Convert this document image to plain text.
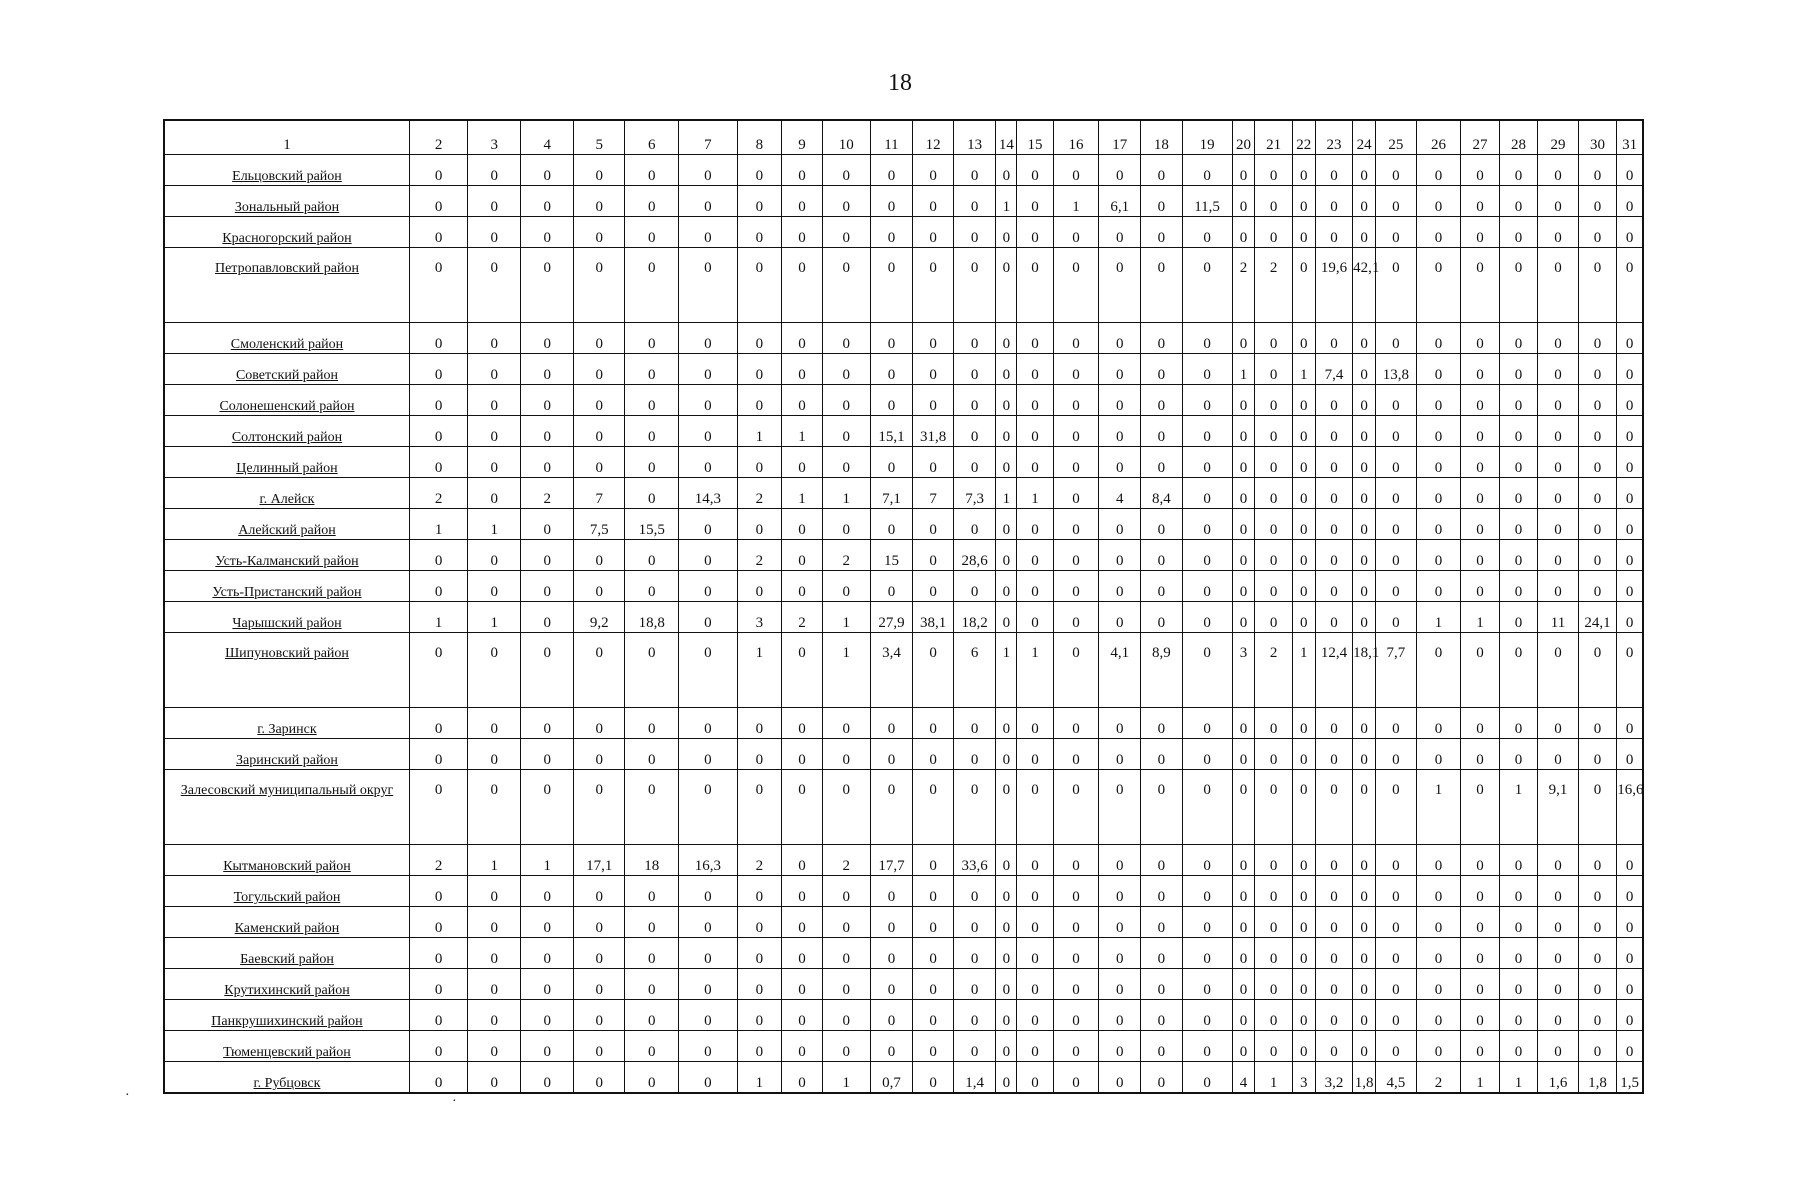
18
1	2	3	4	5	6	7	8	9	10	11	12	13	14	15	16	17	18	19	20	21	22	23	24	25	26	27	28	29	30	31
Ельцовский район	0	0	0	0	0	0	0	0	0	0	0	0	0	0	0	0	0	0	0	0	0	0	0	0	0	0	0	0	0	0
Зональный район	0	0	0	0	0	0	0	0	0	0	0	0	1	0	1	6,1	0	11,5	0	0	0	0	0	0	0	0	0	0	0	0
Красногорский район	0	0	0	0	0	0	0	0	0	0	0	0	0	0	0	0	0	0	0	0	0	0	0	0	0	0	0	0	0	0
Петропавловский район	0	0	0	0	0	0	0	0	0	0	0	0	0	0	0	0	0	0	2	2	0	19,6	42,1	0	0	0	0	0	0	0
Смоленский район	0	0	0	0	0	0	0	0	0	0	0	0	0	0	0	0	0	0	0	0	0	0	0	0	0	0	0	0	0	0
Советский район	0	0	0	0	0	0	0	0	0	0	0	0	0	0	0	0	0	0	1	0	1	7,4	0	13,8	0	0	0	0	0	0
Солонешенский район	0	0	0	0	0	0	0	0	0	0	0	0	0	0	0	0	0	0	0	0	0	0	0	0	0	0	0	0	0	0
Солтонский район	0	0	0	0	0	0	1	1	0	15,1	31,8	0	0	0	0	0	0	0	0	0	0	0	0	0	0	0	0	0	0	0
Целинный район	0	0	0	0	0	0	0	0	0	0	0	0	0	0	0	0	0	0	0	0	0	0	0	0	0	0	0	0	0	0
г. Алейск	2	0	2	7	0	14,3	2	1	1	7,1	7	7,3	1	1	0	4	8,4	0	0	0	0	0	0	0	0	0	0	0	0	0
Алейский район	1	1	0	7,5	15,5	0	0	0	0	0	0	0	0	0	0	0	0	0	0	0	0	0	0	0	0	0	0	0	0	0
Усть-Калманский район	0	0	0	0	0	0	2	0	2	15	0	28,6	0	0	0	0	0	0	0	0	0	0	0	0	0	0	0	0	0	0
Усть-Пристанский район	0	0	0	0	0	0	0	0	0	0	0	0	0	0	0	0	0	0	0	0	0	0	0	0	0	0	0	0	0	0
Чарышский район	1	1	0	9,2	18,8	0	3	2	1	27,9	38,1	18,2	0	0	0	0	0	0	0	0	0	0	0	0	1	1	0	11	24,1	0
Шипуновский район	0	0	0	0	0	0	1	0	1	3,4	0	6	1	1	0	4,1	8,9	0	3	2	1	12,4	18,1	7,7	0	0	0	0	0	0
г. Заринск	0	0	0	0	0	0	0	0	0	0	0	0	0	0	0	0	0	0	0	0	0	0	0	0	0	0	0	0	0	0
Заринский район	0	0	0	0	0	0	0	0	0	0	0	0	0	0	0	0	0	0	0	0	0	0	0	0	0	0	0	0	0	0
Залесовский муниципальный округ	0	0	0	0	0	0	0	0	0	0	0	0	0	0	0	0	0	0	0	0	0	0	0	0	1	0	1	9,1	0	16,6
Кытмановский район	2	1	1	17,1	18	16,3	2	0	2	17,7	0	33,6	0	0	0	0	0	0	0	0	0	0	0	0	0	0	0	0	0	0
Тогульский район	0	0	0	0	0	0	0	0	0	0	0	0	0	0	0	0	0	0	0	0	0	0	0	0	0	0	0	0	0	0
Каменский район	0	0	0	0	0	0	0	0	0	0	0	0	0	0	0	0	0	0	0	0	0	0	0	0	0	0	0	0	0	0
Баевский район	0	0	0	0	0	0	0	0	0	0	0	0	0	0	0	0	0	0	0	0	0	0	0	0	0	0	0	0	0	0
Крутихинский район	0	0	0	0	0	0	0	0	0	0	0	0	0	0	0	0	0	0	0	0	0	0	0	0	0	0	0	0	0	0
Панкрушихинский район	0	0	0	0	0	0	0	0	0	0	0	0	0	0	0	0	0	0	0	0	0	0	0	0	0	0	0	0	0	0
Тюменцевский район	0	0	0	0	0	0	0	0	0	0	0	0	0	0	0	0	0	0	0	0	0	0	0	0	0	0	0	0	0	0
г. Рубцовск	0	0	0	0	0	0	1	0	1	0,7	0	1,4	0	0	0	0	0	0	4	1	3	3,2	1,8	4,5	2	1	1	1,6	1,8	1,5
·	·
